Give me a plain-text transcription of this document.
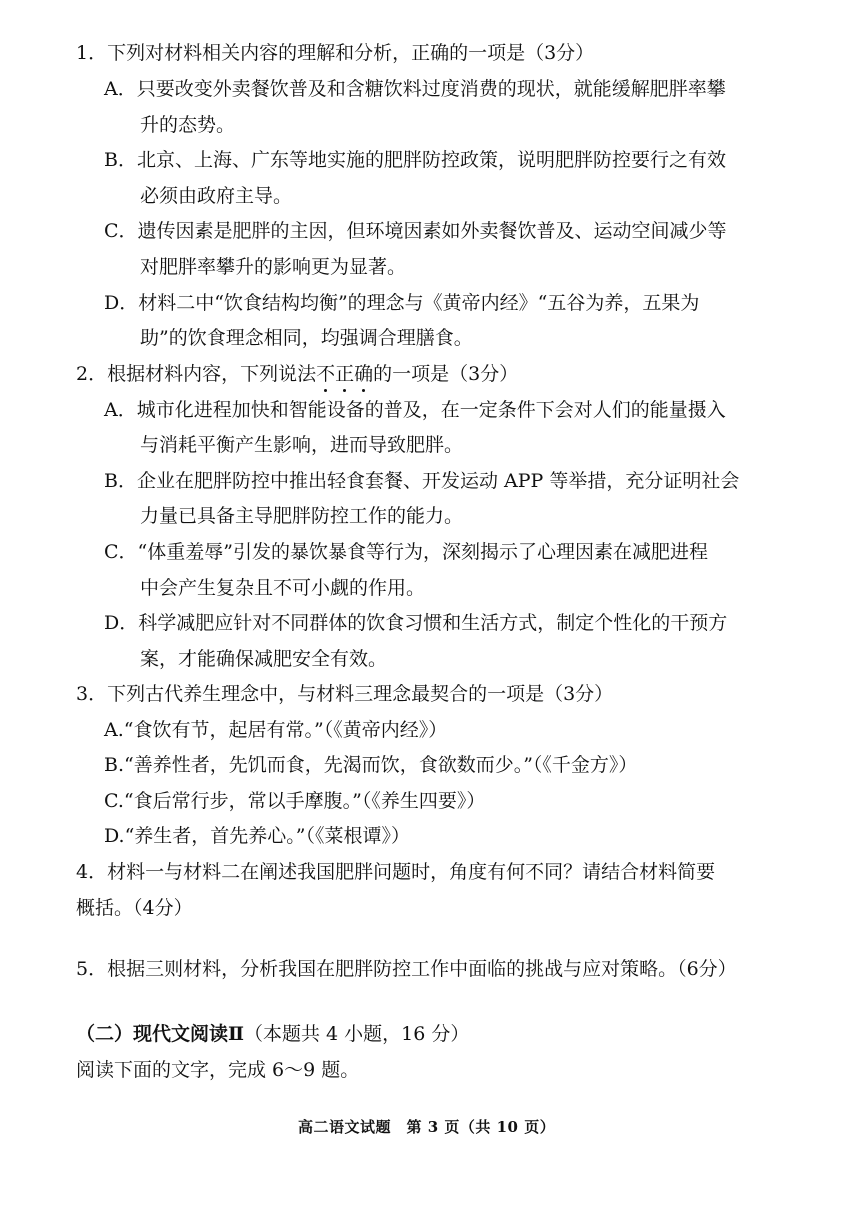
1．下列对材料相关内容的理解和分析，正确的一项是（3分）
A．只要改变外卖餐饮普及和含糖饮料过度消费的现状，就能缓解肥胖率攀
升的态势。
B．北京、上海、广东等地实施的肥胖防控政策，说明肥胖防控要行之有效
必须由政府主导。
C．遗传因素是肥胖的主因，但环境因素如外卖餐饮普及、运动空间减少等
对肥胖率攀升的影响更为显著。
D．材料二中“饮食结构均衡”的理念与《黄帝内经》“五谷为养，五果为
助”的饮食理念相同，均强调合理膳食。
2．根据材料内容，下列说法不正确的一项是（3分）
A．城市化进程加快和智能设备的普及，在一定条件下会对人们的能量摄入
与消耗平衡产生影响，进而导致肥胖。
B．企业在肥胖防控中推出轻食套餐、开发运动 APP 等举措，充分证明社会
力量已具备主导肥胖防控工作的能力。
C．“体重羞辱”引发的暴饮暴食等行为，深刻揭示了心理因素在减肥进程
中会产生复杂且不可小觑的作用。
D．科学减肥应针对不同群体的饮食习惯和生活方式，制定个性化的干预方
案，才能确保减肥安全有效。
3．下列古代养生理念中，与材料三理念最契合的一项是（3分）
A.“食饮有节，起居有常。”（《黄帝内经》）
B.“善养性者，先饥而食，先渴而饮，食欲数而少。”（《千金方》）
C.“食后常行步，常以手摩腹。”（《养生四要》）
D.“养生者，首先养心。”（《菜根谭》）
4．材料一与材料二在阐述我国肥胖问题时，角度有何不同？请结合材料简要
概括。（4分）
5．根据三则材料，分析我国在肥胖防控工作中面临的挑战与应对策略。（6分）
（二）现代文阅读Ⅱ（本题共 4 小题，16 分）
阅读下面的文字，完成 6～9 题。
高二语文试题　第 3 页（共 10 页）
